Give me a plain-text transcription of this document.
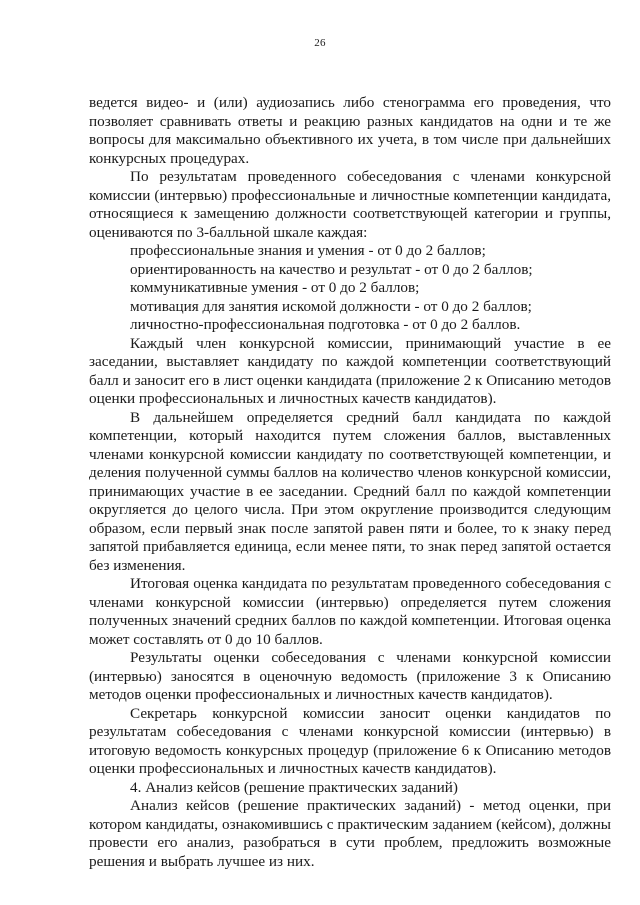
26

ведется видео- и (или) аудиозапись либо стенограмма его проведения, что позволяет сравнивать ответы и реакцию разных кандидатов на одни и те же вопросы для максимально объективного их учета, в том числе при дальнейших конкурсных процедурах.

По результатам проведенного собеседования с членами конкурсной комиссии (интервью) профессиональные и личностные компетенции кандидата, относящиеся к замещению должности соответствующей категории и группы, оцениваются по 3-балльной шкале каждая:

профессиональные знания и умения - от 0 до 2 баллов;

ориентированность на качество и результат - от 0 до 2 баллов;

коммуникативные умения - от 0 до 2 баллов;

мотивация для занятия искомой должности - от 0 до 2 баллов;

личностно-профессиональная подготовка - от 0 до 2 баллов.

Каждый член конкурсной комиссии, принимающий участие в ее заседании, выставляет кандидату по каждой компетенции соответствующий балл и заносит его в лист оценки кандидата (приложение 2 к Описанию методов оценки профессиональных и личностных качеств кандидатов).

В дальнейшем определяется средний балл кандидата по каждой компетенции, который находится путем сложения баллов, выставленных членами конкурсной комиссии кандидату по соответствующей компетенции, и деления полученной суммы баллов на количество членов конкурсной комиссии, принимающих участие в ее заседании. Средний балл по каждой компетенции округляется до целого числа. При этом округление производится следующим образом, если первый знак после запятой равен пяти и более, то к знаку перед запятой прибавляется единица, если менее пяти, то знак перед запятой остается без изменения.

Итоговая оценка кандидата по результатам проведенного собеседования с членами конкурсной комиссии (интервью) определяется путем сложения полученных значений средних баллов по каждой компетенции. Итоговая оценка может составлять от 0 до 10 баллов.

Результаты оценки собеседования с членами конкурсной комиссии (интервью) заносятся в оценочную ведомость (приложение 3 к Описанию методов оценки профессиональных и личностных качеств кандидатов).

Секретарь конкурсной комиссии заносит оценки кандидатов по результатам собеседования с членами конкурсной комиссии (интервью) в итоговую ведомость конкурсных процедур (приложение 6 к Описанию методов оценки профессиональных и личностных качеств кандидатов).

4. Анализ кейсов (решение практических заданий)

Анализ кейсов (решение практических заданий) - метод оценки, при котором кандидаты, ознакомившись с практическим заданием (кейсом), должны провести его анализ, разобраться в сути проблем, предложить возможные решения и выбрать лучшее из них.
